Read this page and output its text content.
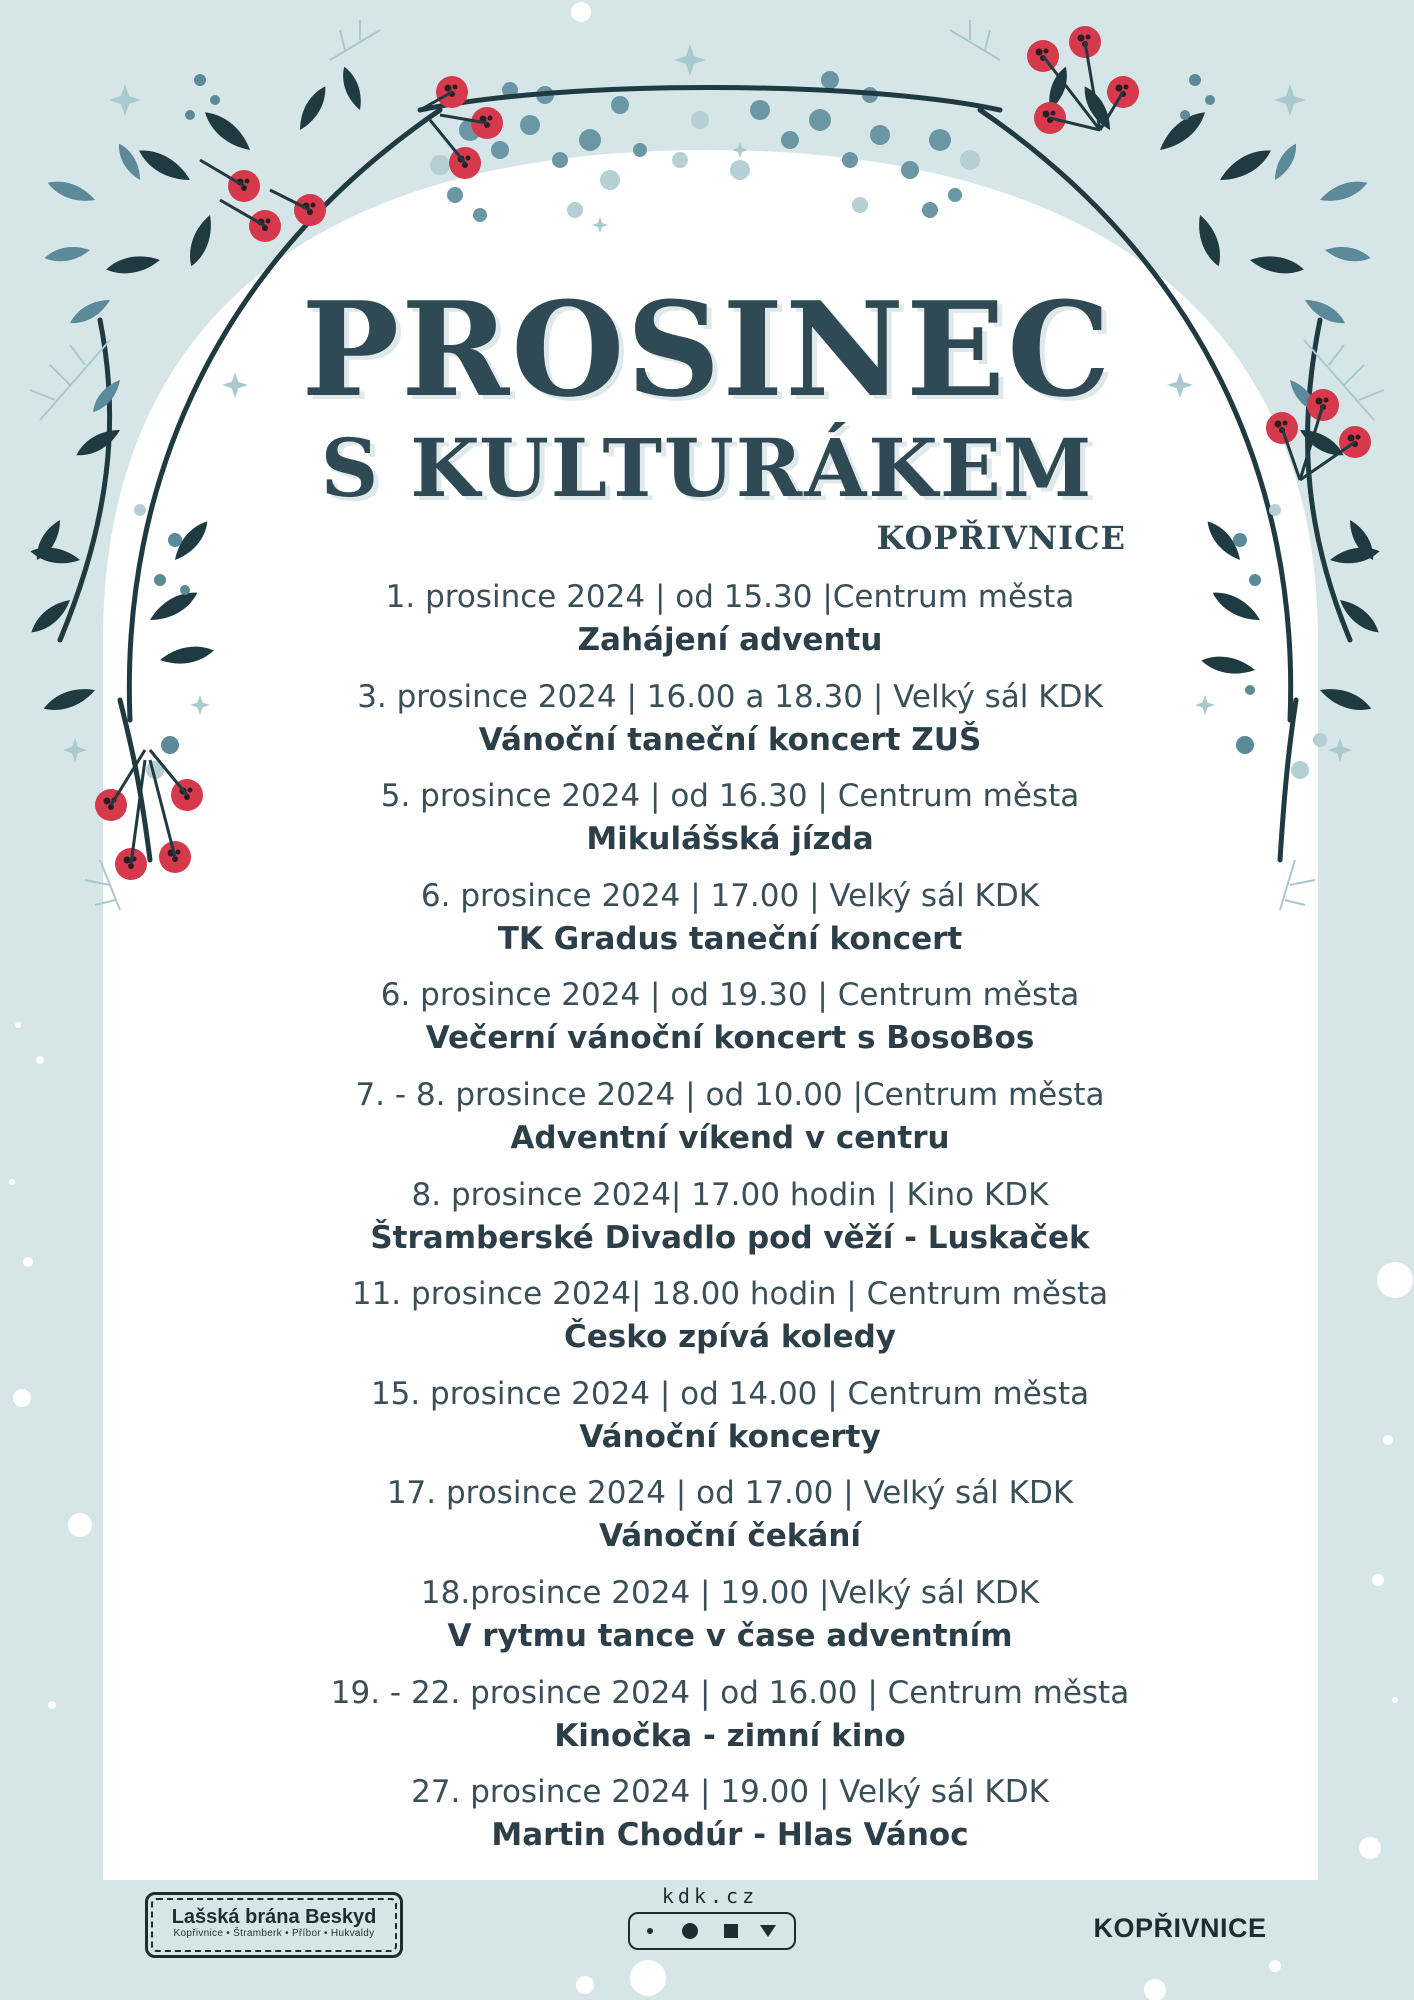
PROSINEC
S KULTURÁKEM
KOPŘIVNICE
1. prosince 2024 | od 15.30 |Centrum města
Zahájení adventu
3. prosince 2024 | 16.00 a 18.30 | Velký sál KDK
Vánoční taneční koncert ZUŠ
5. prosince 2024 | od 16.30 | Centrum města
Mikulášská jízda
6. prosince 2024 | 17.00 | Velký sál KDK
TK Gradus taneční koncert
6. prosince 2024 | od 19.30 | Centrum města
Večerní vánoční koncert s BosoBos
7. - 8. prosince 2024 | od 10.00 |Centrum města
Adventní víkend v centru
8. prosince 2024| 17.00 hodin | Kino KDK
Štramberské Divadlo pod věží - Luskaček
11. prosince 2024| 18.00 hodin | Centrum města
Česko zpívá koledy
15. prosince 2024 | od 14.00 | Centrum města
Vánoční koncerty
17. prosince 2024 | od 17.00 | Velký sál KDK
Vánoční čekání
18.prosince 2024 | 19.00 |Velký sál KDK
V rytmu tance v čase adventním
19. - 22. prosince 2024 | od 16.00 | Centrum města
Kinočka - zimní kino
27. prosince 2024 | 19.00 | Velký sál KDK
Martin Chodúr - Hlas Vánoc
Lašská brána Beskyd
Kopřivnice • Štramberk • Příbor • Hukvaldy
kdk.cz
KOPŘIVNICE
